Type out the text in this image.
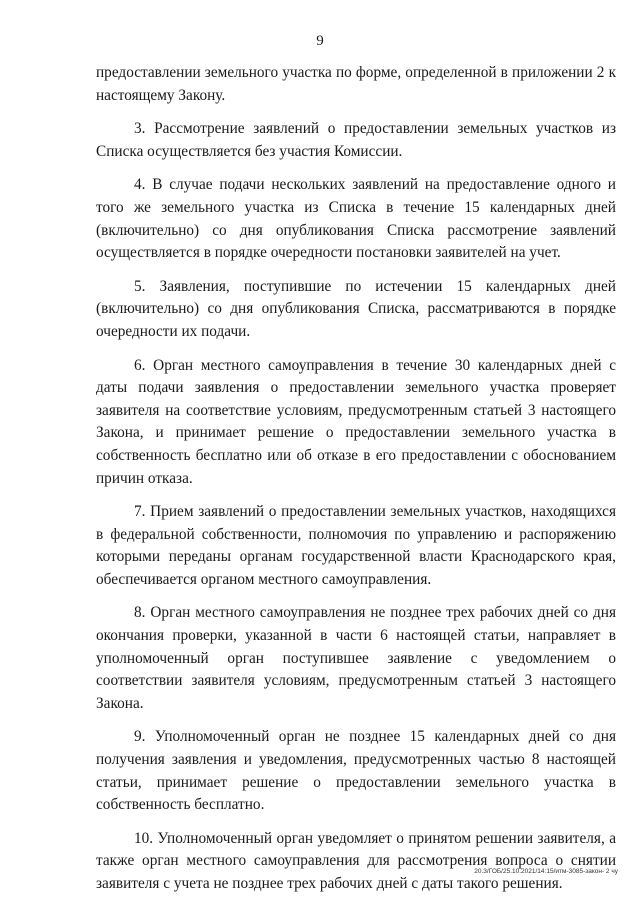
9

предоставлении земельного участка по форме, определенной в приложении 2 к настоящему Закону.

3. Рассмотрение заявлений о предоставлении земельных участков из Списка осуществляется без участия Комиссии.

4. В случае подачи нескольких заявлений на предоставление одного и того же земельного участка из Списка в течение 15 календарных дней (включительно) со дня опубликования Списка рассмотрение заявлений осуществляется в порядке очередности постановки заявителей на учет.

5. Заявления, поступившие по истечении 15 календарных дней (включительно) со дня опубликования Списка, рассматриваются в порядке очередности их подачи.

6. Орган местного самоуправления в течение 30 календарных дней с даты подачи заявления о предоставлении земельного участка проверяет заявителя на соответствие условиям, предусмотренным статьей 3 настоящего Закона, и принимает решение о предоставлении земельного участка в собственность бесплатно или об отказе в его предоставлении с обоснованием причин отказа.

7. Прием заявлений о предоставлении земельных участков, находящихся в федеральной собственности, полномочия по управлению и распоряжению которыми переданы органам государственной власти Краснодарского края, обеспечивается органом местного самоуправления.

8. Орган местного самоуправления не позднее трех рабочих дней со дня окончания проверки, указанной в части 6 настоящей статьи, направляет в уполномоченный орган поступившее заявление с уведомлением о соответствии заявителя условиям, предусмотренным статьей 3 настоящего Закона.

9. Уполномоченный орган не позднее 15 календарных дней со дня получения заявления и уведомления, предусмотренных частью 8 настоящей статьи, принимает решение о предоставлении земельного участка в собственность бесплатно.

10. Уполномоченный орган уведомляет о принятом решении заявителя, а также орган местного самоуправления для рассмотрения вопроса о снятии заявителя с учета не позднее трех рабочих дней с даты такого решения.

20.3/ГОБ/25.10.2021/14:15/итм-3085-закон- 2 чу
